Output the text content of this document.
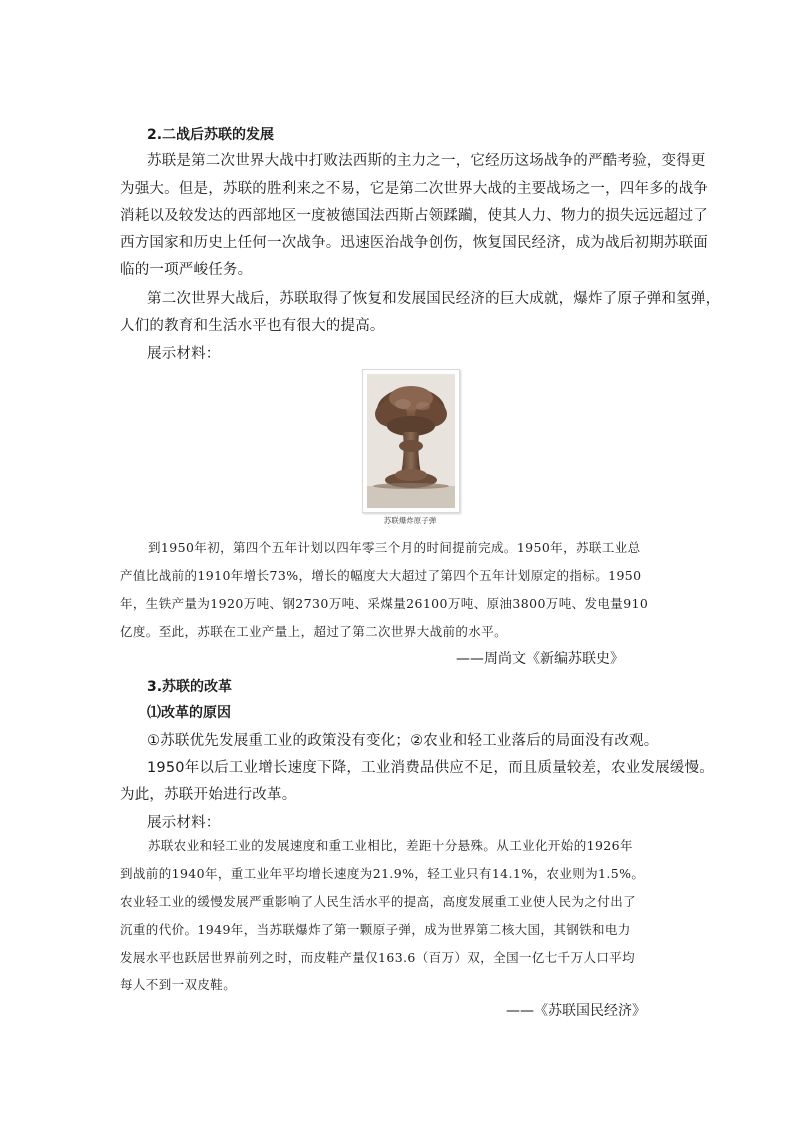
2.二战后苏联的发展
苏联是第二次世界大战中打败法西斯的主力之一，它经历这场战争的严酷考验，变得更
为强大。但是，苏联的胜利来之不易，它是第二次世界大战的主要战场之一，四年多的战争
消耗以及较发达的西部地区一度被德国法西斯占领蹂躏，使其人力、物力的损失远远超过了
西方国家和历史上任何一次战争。迅速医治战争创伤，恢复国民经济，成为战后初期苏联面
临的一项严峻任务。
第二次世界大战后，苏联取得了恢复和发展国民经济的巨大成就，爆炸了原子弹和氢弹，
人们的教育和生活水平也有很大的提高。
展示材料：
苏联爆炸原子弹
到1950年初，第四个五年计划以四年零三个月的时间提前完成。1950年，苏联工业总
产值比战前的1910年增长73%，增长的幅度大大超过了第四个五年计划原定的指标。1950
年，生铁产量为1920万吨、钢2730万吨、采煤量26100万吨、原油3800万吨、发电量910
亿度。至此，苏联在工业产量上，超过了第二次世界大战前的水平。
——周尚文《新编苏联史》
3.苏联的改革
⑴改革的原因
①苏联优先发展重工业的政策没有变化；②农业和轻工业落后的局面没有改观。
1950年以后工业增长速度下降，工业消费品供应不足，而且质量较差，农业发展缓慢。
为此，苏联开始进行改革。
展示材料：
苏联农业和轻工业的发展速度和重工业相比，差距十分悬殊。从工业化开始的1926年
到战前的1940年，重工业年平均增长速度为21.9%，轻工业只有14.1%，农业则为1.5%。
农业轻工业的缓慢发展严重影响了人民生活水平的提高，高度发展重工业使人民为之付出了
沉重的代价。1949年，当苏联爆炸了第一颗原子弹，成为世界第二核大国，其钢铁和电力
发展水平也跃居世界前列之时，而皮鞋产量仅163.6（百万）双，全国一亿七千万人口平均
每人不到一双皮鞋。
——《苏联国民经济》
